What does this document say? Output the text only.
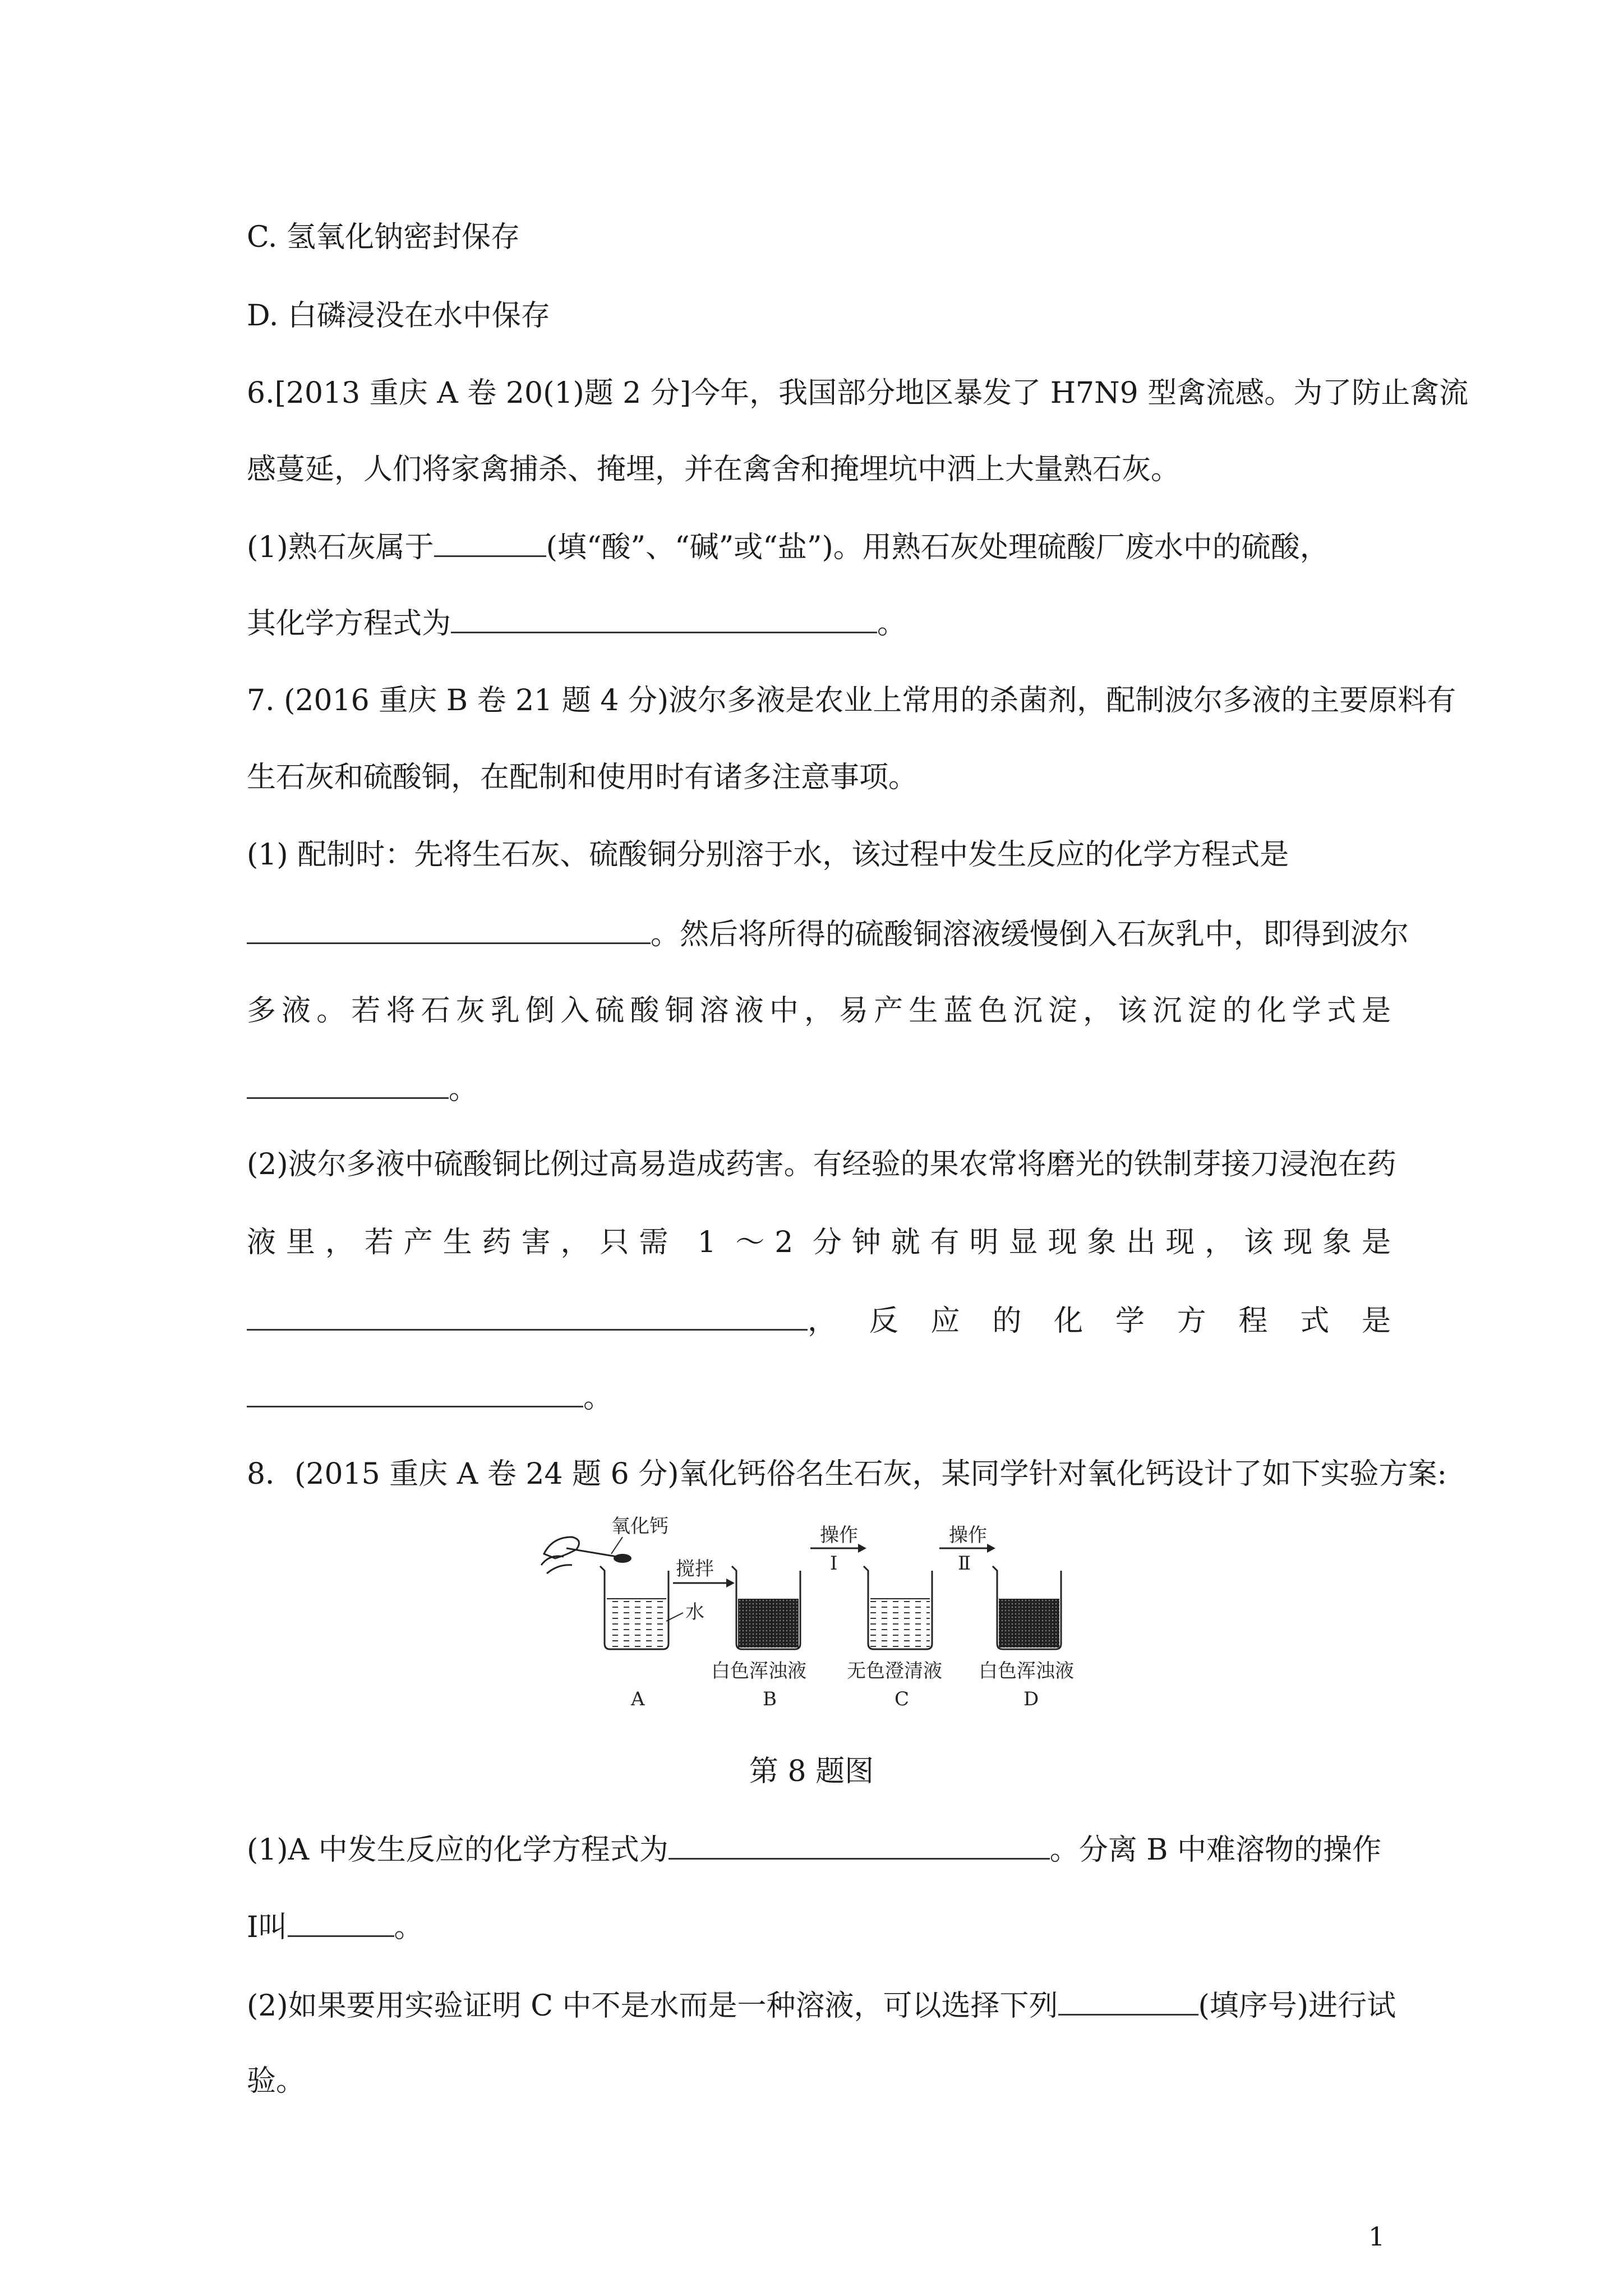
C. 氢氧化钠密封保存
D. 白磷浸没在水中保存
6.[2013 重庆 A 卷 20(1)题 2 分]今年，我国部分地区暴发了 H7N9 型禽流感。为了防止禽流
感蔓延，人们将家禽捕杀、掩埋，并在禽舍和掩埋坑中洒上大量熟石灰。
(1)熟石灰属于	(填“酸”、“碱”或“盐”)。用熟石灰处理硫酸厂废水中的硫酸，
其化学方程式为	。
7. (2016 重庆 B 卷 21 题 4 分)波尔多液是农业上常用的杀菌剂，配制波尔多液的主要原料有
生石灰和硫酸铜，在配制和使用时有诸多注意事项。
(1) 配制时：先将生石灰、硫酸铜分别溶于水，该过程中发生反应的化学方程式是
。然后将所得的硫酸铜溶液缓慢倒入石灰乳中，即得到波尔
多液。若将石灰乳倒入硫酸铜溶液中，易产生蓝色沉淀，该沉淀的化学式是
。
(2)波尔多液中硫酸铜比例过高易造成药害。有经验的果农常将磨光的铁制芽接刀浸泡在药
液里，若产生药害，只需 1 ～2 分钟就有明显现象出现，该现象是
，反应的化学方程式是
。
8．(2015 重庆 A 卷 24 题 6 分)氧化钙俗名生石灰，某同学针对氧化钙设计了如下实验方案:
氧化钙
水
搅拌
操作
Ⅰ
操作
Ⅱ
白色浑浊液 无色澄清液 白色浑浊液
A	B	C	D
第 8 题图
(1)A 中发生反应的化学方程式为	。分离 B 中难溶物的操作
Ⅰ叫	。
(2)如果要用实验证明 C 中不是水而是一种溶液，可以选择下列	(填序号)进行试
验。
1
